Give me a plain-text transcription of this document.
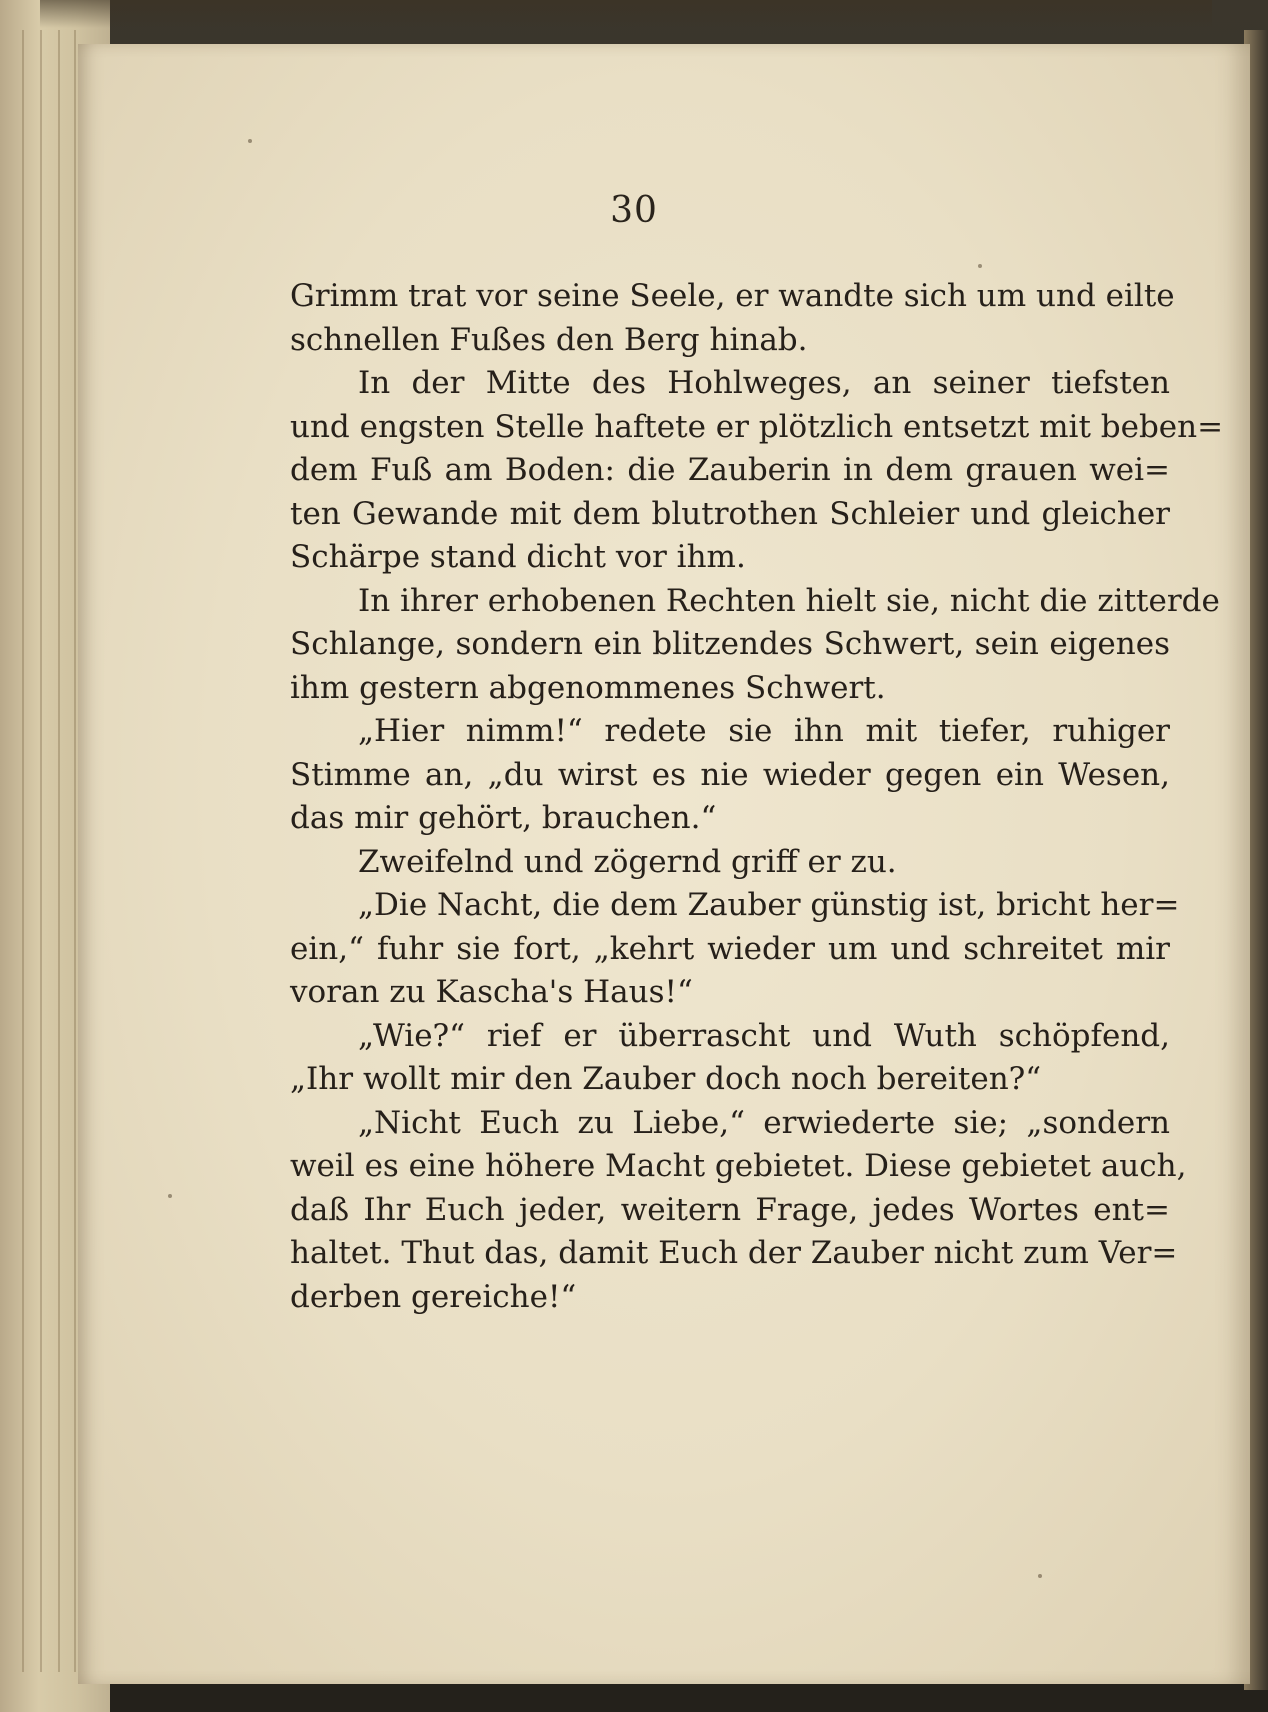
30

Grimm trat vor seine Seele, er wandte sich um und eilte
schnellen Fußes den Berg hinab.

In der Mitte des Hohlweges, an seiner tiefsten
und engsten Stelle haftete er plötzlich entsetzt mit beben=
dem Fuß am Boden: die Zauberin in dem grauen wei=
ten Gewande mit dem blutrothen Schleier und gleicher
Schärpe stand dicht vor ihm.

In ihrer erhobenen Rechten hielt sie, nicht die zitterde
Schlange, sondern ein blitzendes Schwert, sein eigenes
ihm gestern abgenommenes Schwert.

„Hier nimm!“ redete sie ihn mit tiefer, ruhiger
Stimme an, „du wirst es nie wieder gegen ein Wesen,
das mir gehört, brauchen.“

Zweifelnd und zögernd griff er zu.

„Die Nacht, die dem Zauber günstig ist, bricht her=
ein,“ fuhr sie fort, „kehrt wieder um und schreitet mir
voran zu Kascha's Haus!“

„Wie?“ rief er überrascht und Wuth schöpfend,
„Ihr wollt mir den Zauber doch noch bereiten?“

„Nicht Euch zu Liebe,“ erwiederte sie; „sondern
weil es eine höhere Macht gebietet. Diese gebietet auch,
daß Ihr Euch jeder, weitern Frage, jedes Wortes ent=
haltet. Thut das, damit Euch der Zauber nicht zum Ver=
derben gereiche!“
